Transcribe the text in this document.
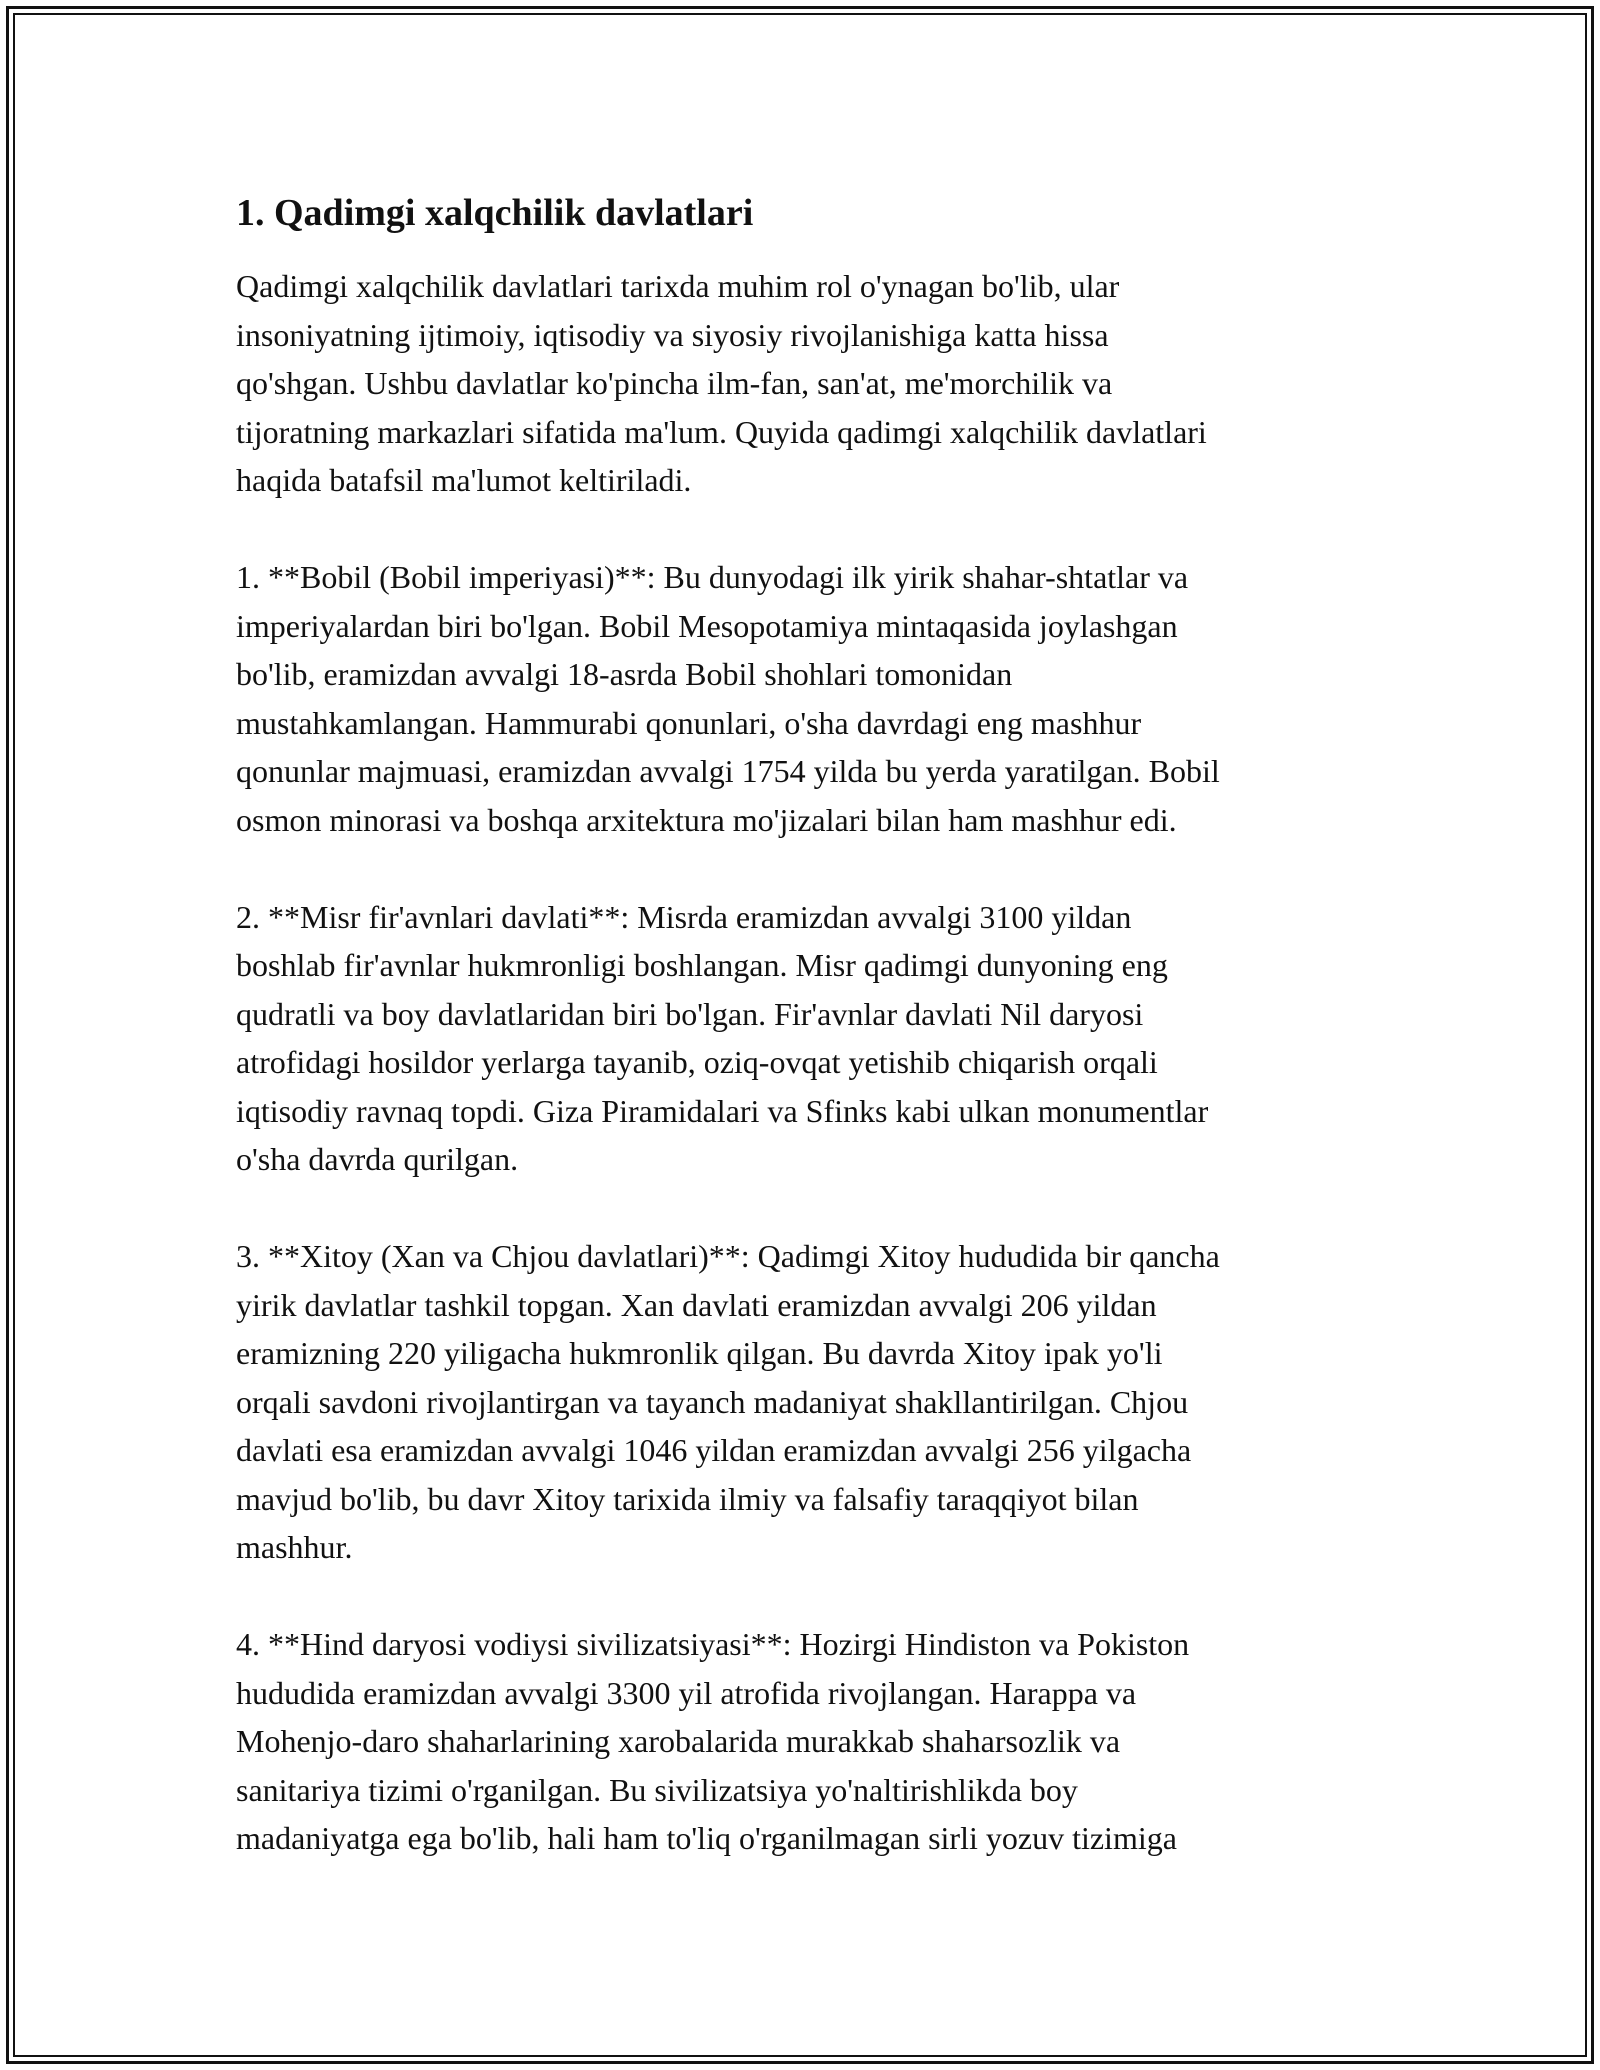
1. Qadimgi xalqchilik davlatlari

Qadimgi xalqchilik davlatlari tarixda muhim rol o'ynagan bo'lib, ular
insoniyatning ijtimoiy, iqtisodiy va siyosiy rivojlanishiga katta hissa
qo'shgan. Ushbu davlatlar ko'pincha ilm-fan, san'at, me'morchilik va
tijoratning markazlari sifatida ma'lum. Quyida qadimgi xalqchilik davlatlari
haqida batafsil ma'lumot keltiriladi.

1. **Bobil (Bobil imperiyasi)**: Bu dunyodagi ilk yirik shahar-shtatlar va
imperiyalardan biri bo'lgan. Bobil Mesopotamiya mintaqasida joylashgan
bo'lib, eramizdan avvalgi 18-asrda Bobil shohlari tomonidan
mustahkamlangan. Hammurabi qonunlari, o'sha davrdagi eng mashhur
qonunlar majmuasi, eramizdan avvalgi 1754 yilda bu yerda yaratilgan. Bobil
osmon minorasi va boshqa arxitektura mo'jizalari bilan ham mashhur edi.

2. **Misr fir'avnlari davlati**: Misrda eramizdan avvalgi 3100 yildan
boshlab fir'avnlar hukmronligi boshlangan. Misr qadimgi dunyoning eng
qudratli va boy davlatlaridan biri bo'lgan. Fir'avnlar davlati Nil daryosi
atrofidagi hosildor yerlarga tayanib, oziq-ovqat yetishib chiqarish orqali
iqtisodiy ravnaq topdi. Giza Piramidalari va Sfinks kabi ulkan monumentlar
o'sha davrda qurilgan.

3. **Xitoy (Xan va Chjou davlatlari)**: Qadimgi Xitoy hududida bir qancha
yirik davlatlar tashkil topgan. Xan davlati eramizdan avvalgi 206 yildan
eramizning 220 yiligacha hukmronlik qilgan. Bu davrda Xitoy ipak yo'li
orqali savdoni rivojlantirgan va tayanch madaniyat shakllantirilgan. Chjou
davlati esa eramizdan avvalgi 1046 yildan eramizdan avvalgi 256 yilgacha
mavjud bo'lib, bu davr Xitoy tarixida ilmiy va falsafiy taraqqiyot bilan
mashhur.

4. **Hind daryosi vodiysi sivilizatsiyasi**: Hozirgi Hindiston va Pokiston
hududida eramizdan avvalgi 3300 yil atrofida rivojlangan. Harappa va
Mohenjo-daro shaharlarining xarobalarida murakkab shaharsozlik va
sanitariya tizimi o'rganilgan. Bu sivilizatsiya yo'naltirishlikda boy
madaniyatga ega bo'lib, hali ham to'liq o'rganilmagan sirli yozuv tizimiga
